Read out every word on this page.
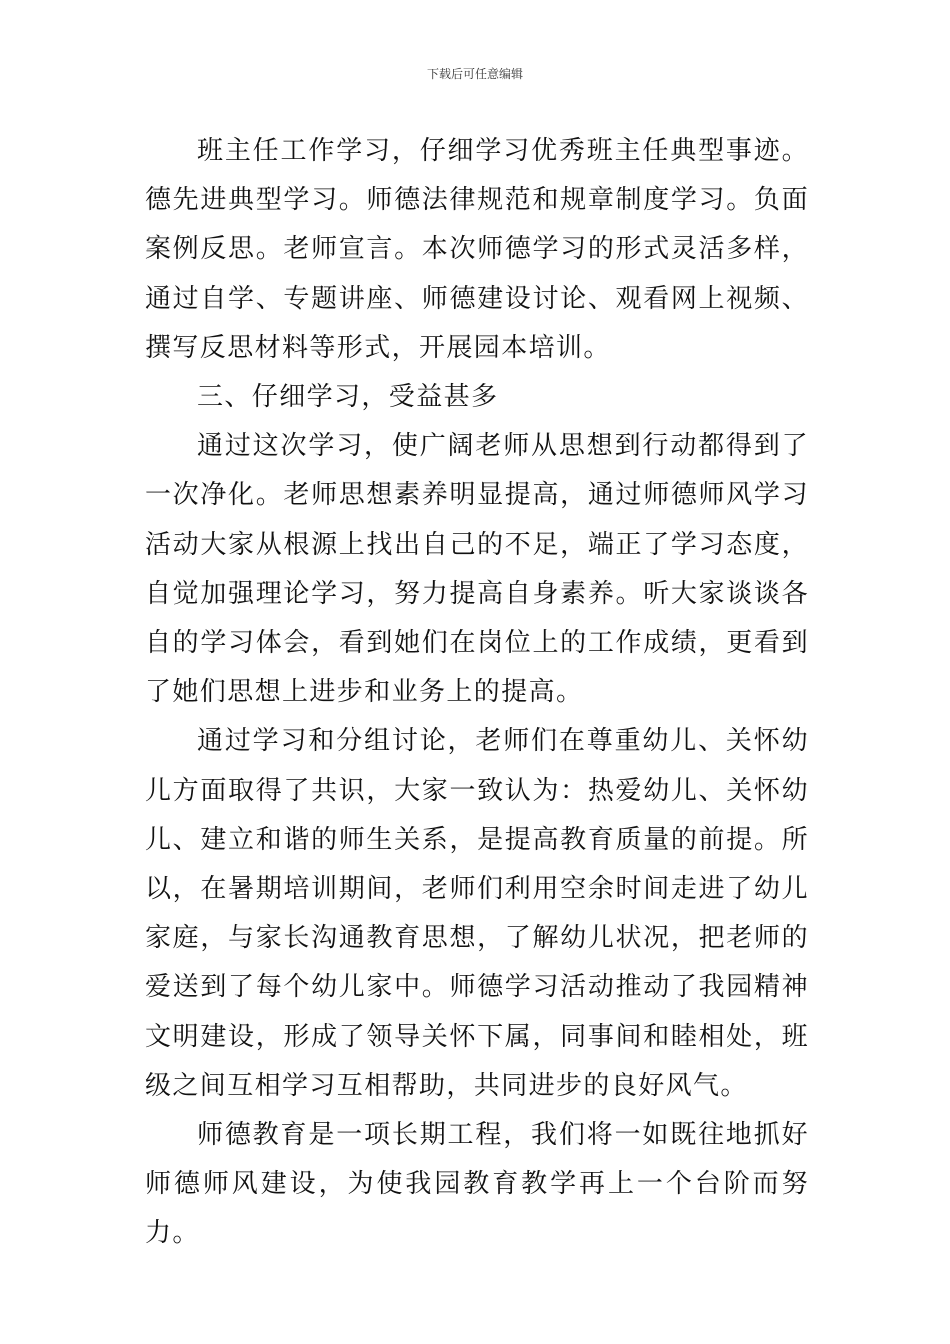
下载后可任意编辑

班主任工作学习，仔细学习优秀班主任典型事迹。德先进典型学习。师德法律规范和规章制度学习。负面案例反思。老师宣言。本次师德学习的形式灵活多样，通过自学、专题讲座、师德建设讨论、观看网上视频、撰写反思材料等形式，开展园本培训。

三、仔细学习，受益甚多

通过这次学习，使广阔老师从思想到行动都得到了一次净化。老师思想素养明显提高，通过师德师风学习活动大家从根源上找出自己的不足，端正了学习态度，自觉加强理论学习，努力提高自身素养。听大家谈谈各自的学习体会，看到她们在岗位上的工作成绩，更看到了她们思想上进步和业务上的提高。

通过学习和分组讨论，老师们在尊重幼儿、关怀幼儿方面取得了共识，大家一致认为：热爱幼儿、关怀幼儿、建立和谐的师生关系，是提高教育质量的前提。所以，在暑期培训期间，老师们利用空余时间走进了幼儿家庭，与家长沟通教育思想，了解幼儿状况，把老师的爱送到了每个幼儿家中。师德学习活动推动了我园精神文明建设，形成了领导关怀下属，同事间和睦相处，班级之间互相学习互相帮助，共同进步的良好风气。

师德教育是一项长期工程，我们将一如既往地抓好师德师风建设，为使我园教育教学再上一个台阶而努力。
